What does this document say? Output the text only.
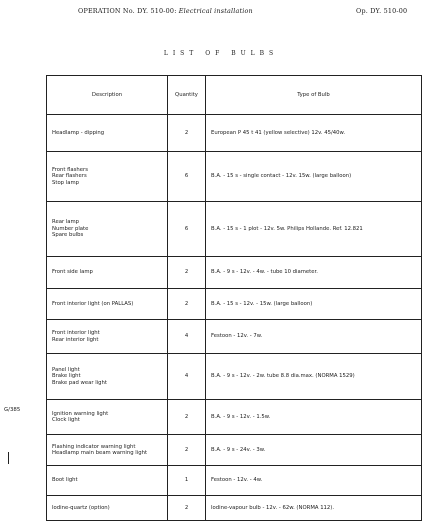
OPERATION No. DY. 510-00: Electrical installation	Op. DY. 510-00
LIST OF BULBS
G/385
Description	Quantity	Type of Bulb
Headlamp - dipping	2	European P 45 t 41 (yellow selective) 12v. 45/40w.
Front flashers
Rear flashers
Stop lamp	6	B.A. - 15 s - single contact - 12v. 15w. (large balloon)
Rear lamp
Number plate
Spare bulbs	6	B.A. - 15 s - 1 plot - 12v. 5w. Philips Hollande. Ref. 12.821
Front side lamp	2	B.A. - 9 s - 12v. - 4w. - tube 10 diameter.
Front interior light (on PALLAS)	2	B.A. - 15 s - 12v. - 15w. (large balloon)
Front interior light
Rear interior light	4	Festoon - 12v. - 7w.
Panel light
Brake light
Brake pad wear light	4	B.A. - 9 s - 12v. - 2w. tube 8.8 dia.max. (NORMA 1529)
Ignition warning light
Clock light	2	B.A. - 9 s - 12v. - 1.5w.
Flashing indicator warning light
Headlamp main beam warning light	2	B.A. - 9 s - 24v. - 3w.
Boot light	1	Festoon - 12v. - 4w.
Iodine-quartz (option)	2	Iodine-vapour bulb - 12v. - 62w. (NORMA 112).
